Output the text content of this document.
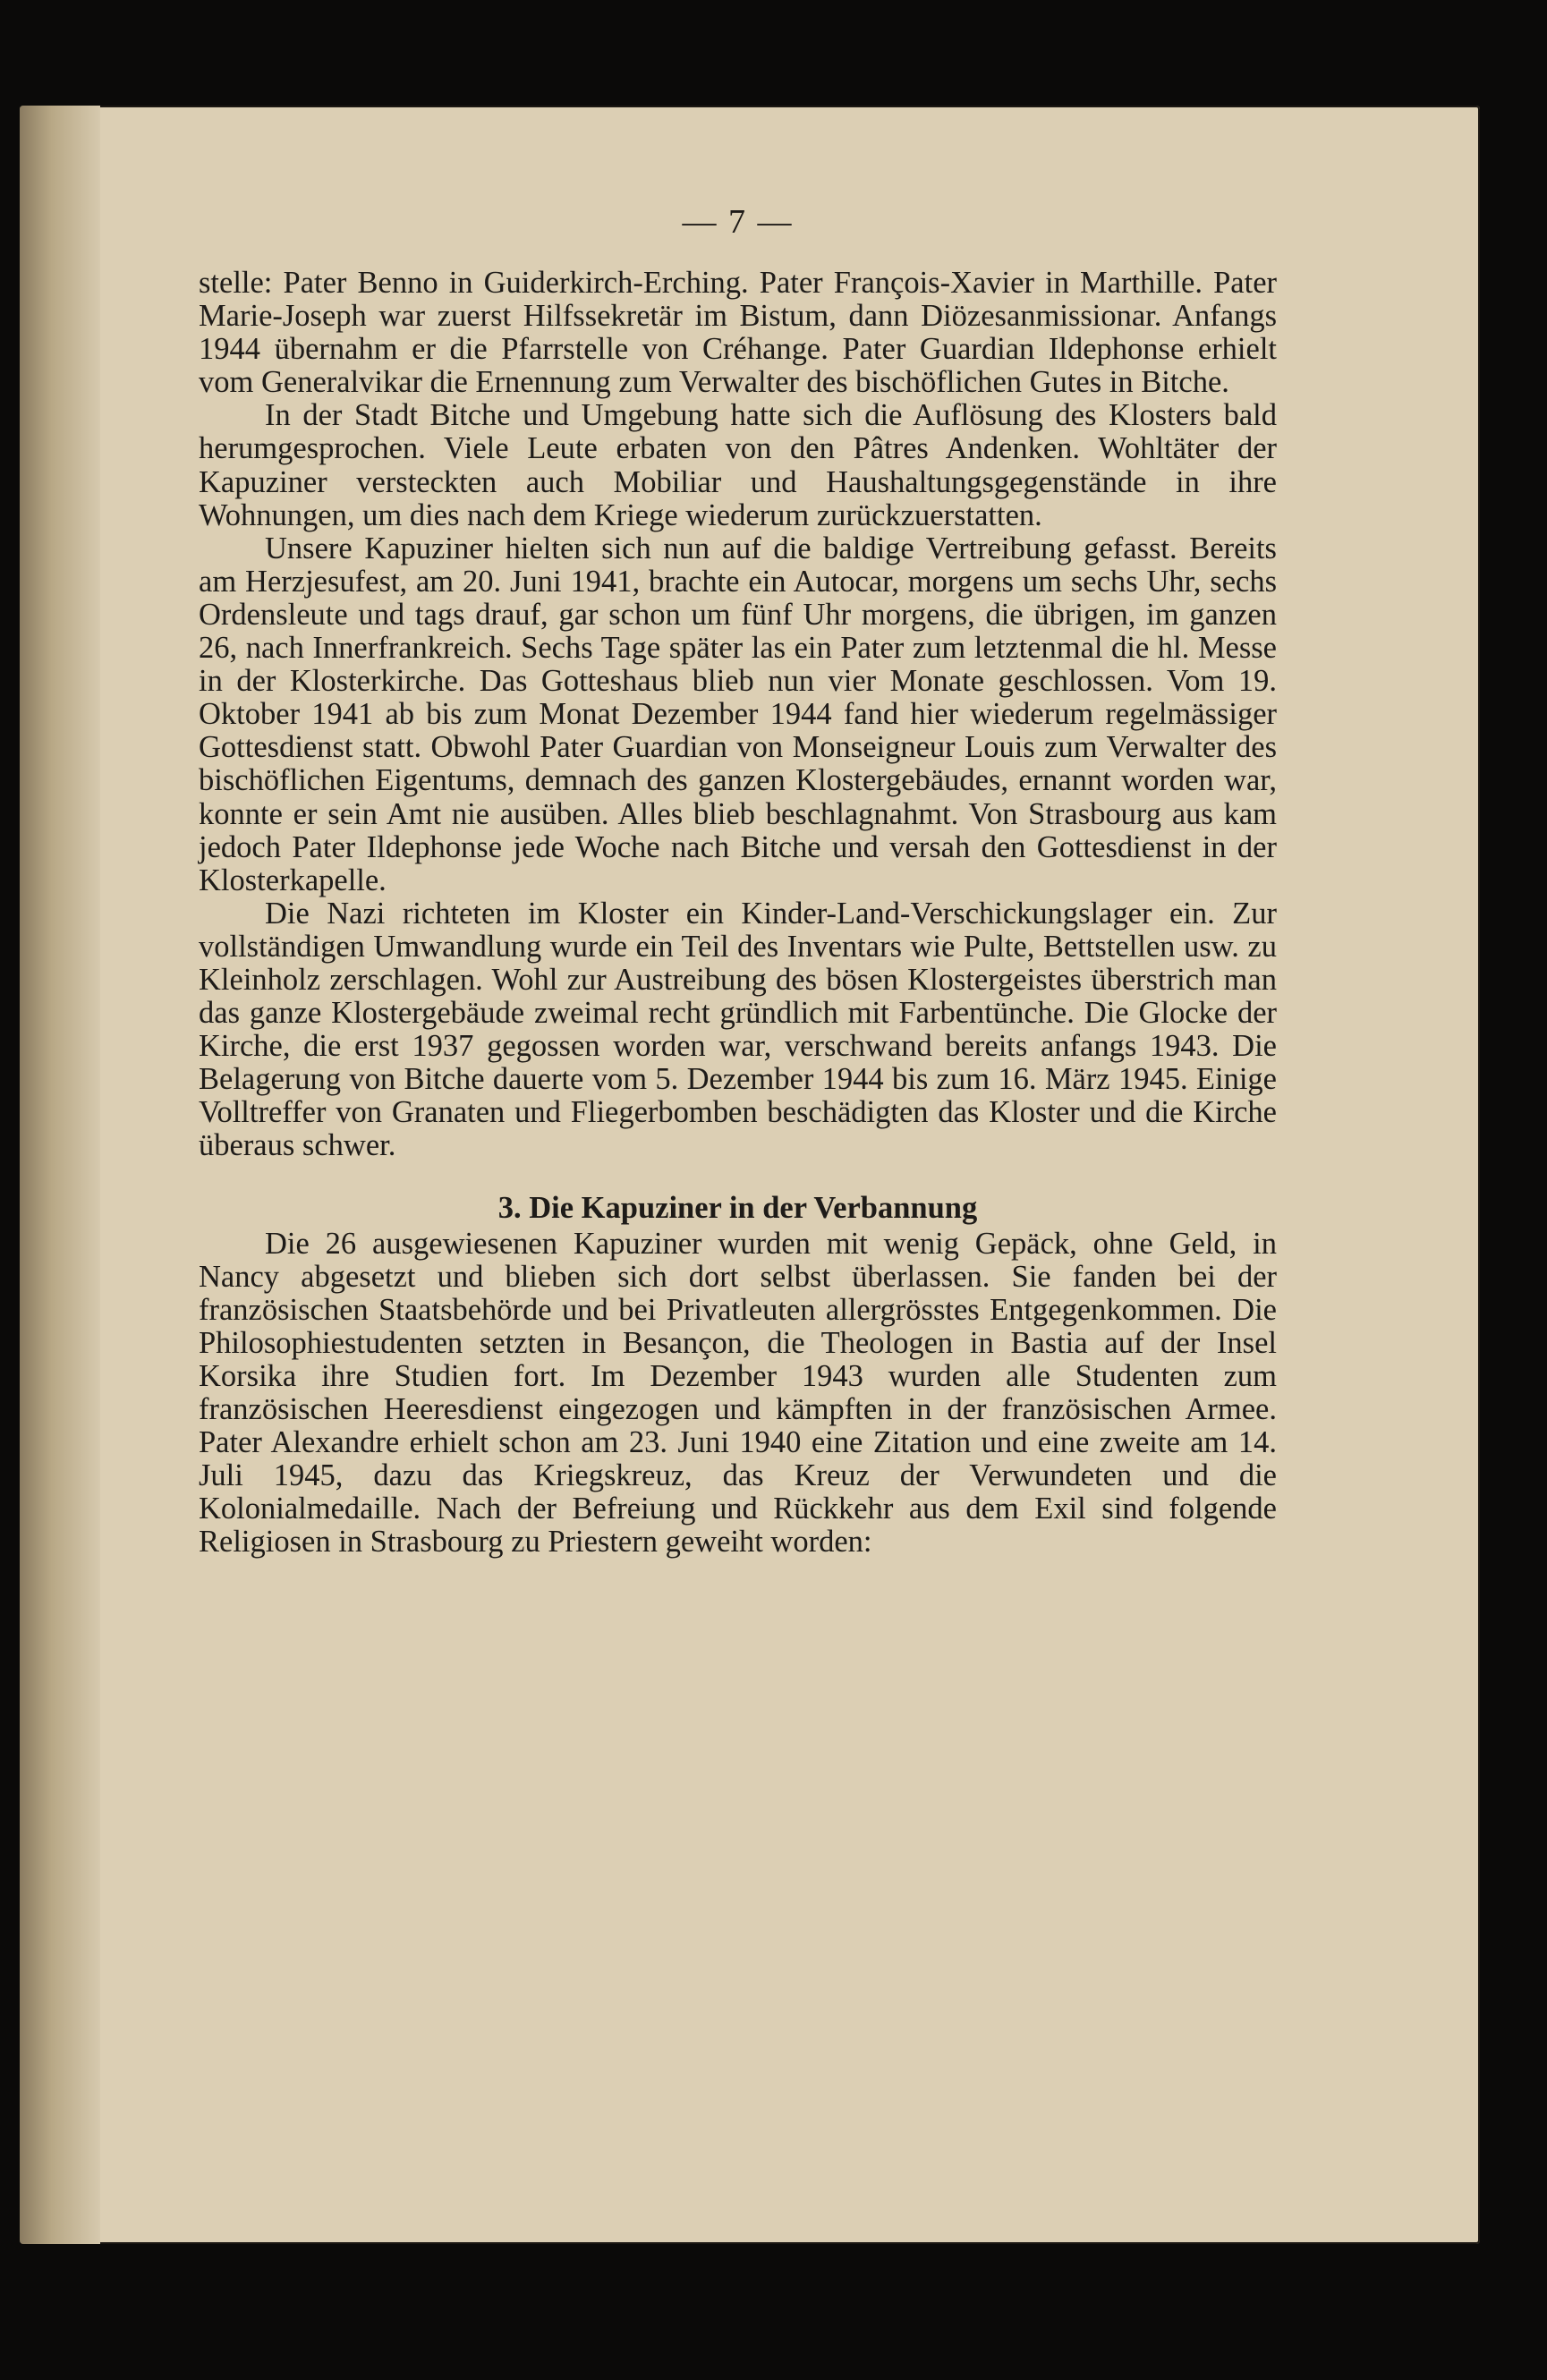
— 7 —

stelle: Pater Benno in Guiderkirch-Erching. Pater François-Xavier in Marthille. Pater Marie-Joseph war zuerst Hilfssekretär im Bistum, dann Diözesanmissionar. Anfangs 1944 übernahm er die Pfarrstelle von Créhange. Pater Guardian Ildephonse erhielt vom Generalvikar die Ernennung zum Verwalter des bischöflichen Gutes in Bitche.

In der Stadt Bitche und Umgebung hatte sich die Auflösung des Klosters bald herumgesprochen. Viele Leute erbaten von den Pâtres Andenken. Wohltäter der Kapuziner versteckten auch Mobiliar und Haushaltungsgegenstände in ihre Wohnungen, um dies nach dem Kriege wiederum zurückzuerstatten.

Unsere Kapuziner hielten sich nun auf die baldige Vertreibung gefasst. Bereits am Herzjesufest, am 20. Juni 1941, brachte ein Autocar, morgens um sechs Uhr, sechs Ordensleute und tags drauf, gar schon um fünf Uhr morgens, die übrigen, im ganzen 26, nach Innerfrankreich. Sechs Tage später las ein Pater zum letztenmal die hl. Messe in der Klosterkirche. Das Gotteshaus blieb nun vier Monate geschlossen. Vom 19. Oktober 1941 ab bis zum Monat Dezember 1944 fand hier wiederum regelmässiger Gottesdienst statt. Obwohl Pater Guardian von Monseigneur Louis zum Verwalter des bischöflichen Eigentums, demnach des ganzen Klostergebäudes, ernannt worden war, konnte er sein Amt nie ausüben. Alles blieb beschlagnahmt. Von Strasbourg aus kam jedoch Pater Ildephonse jede Woche nach Bitche und versah den Gottesdienst in der Klosterkapelle.

Die Nazi richteten im Kloster ein Kinder-Land-Verschickungslager ein. Zur vollständigen Umwandlung wurde ein Teil des Inventars wie Pulte, Bettstellen usw. zu Kleinholz zerschlagen. Wohl zur Austreibung des bösen Klostergeistes überstrich man das ganze Klostergebäude zweimal recht gründlich mit Farbentünche. Die Glocke der Kirche, die erst 1937 gegossen worden war, verschwand bereits anfangs 1943. Die Belagerung von Bitche dauerte vom 5. Dezember 1944 bis zum 16. März 1945. Einige Volltreffer von Granaten und Fliegerbomben beschädigten das Kloster und die Kirche überaus schwer.

3. Die Kapuziner in der Verbannung

Die 26 ausgewiesenen Kapuziner wurden mit wenig Gepäck, ohne Geld, in Nancy abgesetzt und blieben sich dort selbst überlassen. Sie fanden bei der französischen Staatsbehörde und bei Privatleuten allergrösstes Entgegenkommen. Die Philosophiestudenten setzten in Besançon, die Theologen in Bastia auf der Insel Korsika ihre Studien fort. Im Dezember 1943 wurden alle Studenten zum französischen Heeresdienst eingezogen und kämpften in der französischen Armee. Pater Alexandre erhielt schon am 23. Juni 1940 eine Zitation und eine zweite am 14. Juli 1945, dazu das Kriegskreuz, das Kreuz der Verwundeten und die Kolonialmedaille. Nach der Befreiung und Rückkehr aus dem Exil sind folgende Religiosen in Strasbourg zu Priestern geweiht worden:
